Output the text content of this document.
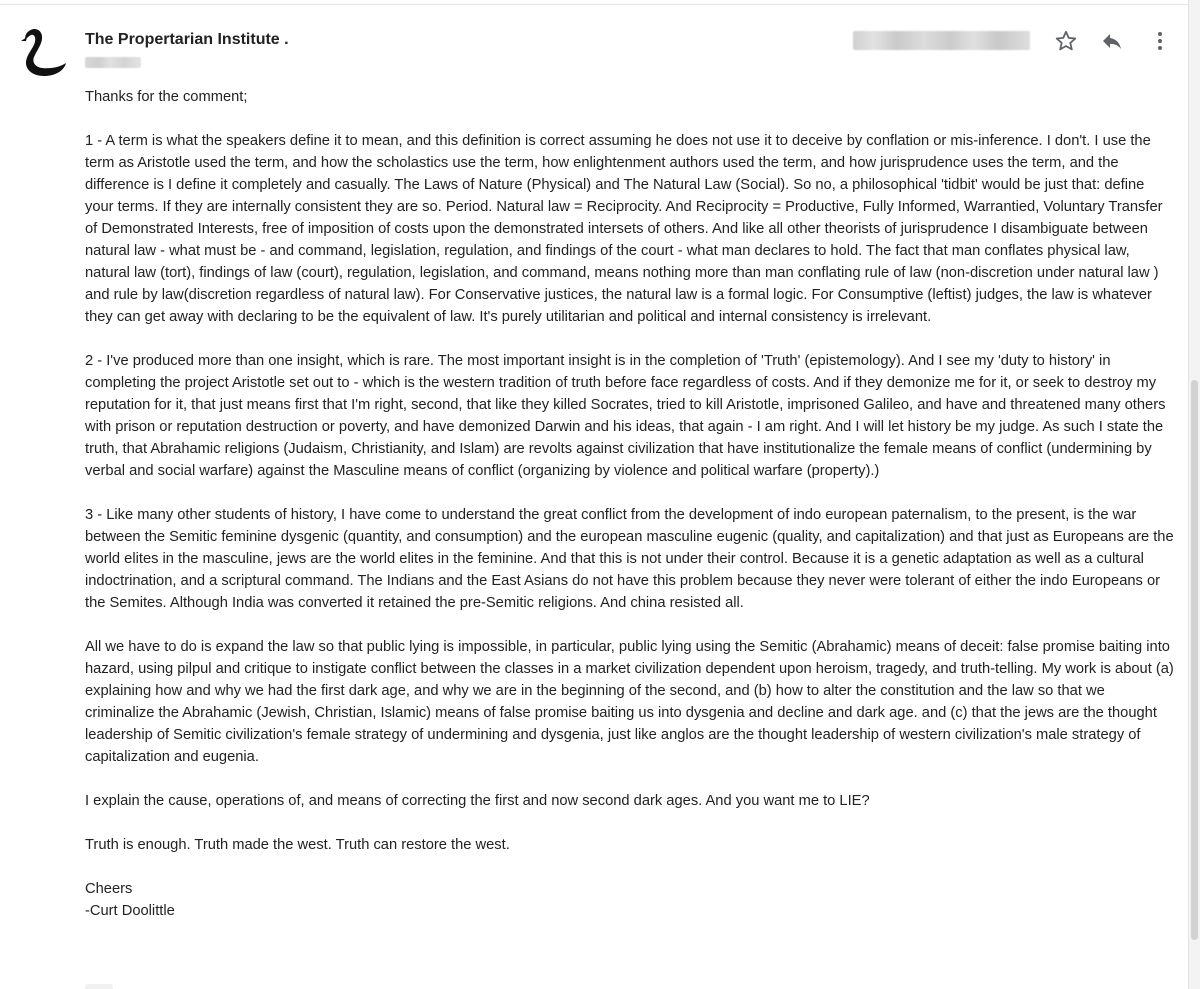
The Propertarian Institute .

Thanks for the comment;

1 - A term is what the speakers define it to mean, and this definition is correct assuming he does not use it to deceive by conflation or mis-inference. I don't. I use the term as Aristotle used the term, and how the scholastics use the term, how enlightenment authors used the term, and how jurisprudence uses the term, and the difference is I define it completely and casually. The Laws of Nature (Physical) and The Natural Law (Social). So no, a philosophical 'tidbit' would be just that: define your terms. If they are internally consistent they are so. Period. Natural law = Reciprocity. And Reciprocity = Productive, Fully Informed, Warrantied, Voluntary Transfer of Demonstrated Interests, free of imposition of costs upon the demonstrated intersets of others. And like all other theorists of jurisprudence I disambiguate between natural law - what must be - and command, legislation, regulation, and findings of the court - what man declares to hold. The fact that man conflates physical law, natural law (tort), findings of law (court), regulation, legislation, and command, means nothing more than man conflating rule of law (non-discretion under natural law ) and rule by law(discretion regardless of natural law). For Conservative justices, the natural law is a formal logic. For Consumptive (leftist) judges, the law is whatever they can get away with declaring to be the equivalent of law. It's purely utilitarian and political and internal consistency is irrelevant.

2 - I've produced more than one insight, which is rare. The most important insight is in the completion of 'Truth' (epistemology). And I see my 'duty to history' in completing the project Aristotle set out to - which is the western tradition of truth before face regardless of costs. And if they demonize me for it, or seek to destroy my reputation for it, that just means first that I'm right, second, that like they killed Socrates, tried to kill Aristotle, imprisoned Galileo, and have and threatened many others with prison or reputation destruction or poverty, and have demonized Darwin and his ideas, that again - I am right. And I will let history be my judge. As such I state the truth, that Abrahamic religions (Judaism, Christianity, and Islam) are revolts against civilization that have institutionalize the female means of conflict (undermining by verbal and social warfare) against the Masculine means of conflict (organizing by violence and political warfare (property).)

3 - Like many other students of history, I have come to understand the great conflict from the development of indo european paternalism, to the present, is the war between the Semitic feminine dysgenic (quantity, and consumption) and the european masculine eugenic (quality, and capitalization) and that just as Europeans are the world elites in the masculine, jews are the world elites in the feminine. And that this is not under their control. Because it is a genetic adaptation as well as a cultural indoctrination, and a scriptural command. The Indians and the East Asians do not have this problem because they never were tolerant of either the indo Europeans or the Semites. Although India was converted it retained the pre-Semitic religions. And china resisted all.

All we have to do is expand the law so that public lying is impossible, in particular, public lying using the Semitic (Abrahamic) means of deceit: false promise baiting into hazard, using pilpul and critique to instigate conflict between the classes in a market civilization dependent upon heroism, tragedy, and truth-telling. My work is about (a) explaining how and why we had the first dark age, and why we are in the beginning of the second, and (b) how to alter the constitution and the law so that we criminalize the Abrahamic (Jewish, Christian, Islamic) means of false promise baiting us into dysgenia and decline and dark age. and (c) that the jews are the thought leadership of Semitic civilization's female strategy of undermining and dysgenia, just like anglos are the thought leadership of western civilization's male strategy of capitalization and eugenia.

I explain the cause, operations of, and means of correcting the first and now second dark ages. And you want me to LIE?

Truth is enough. Truth made the west. Truth can restore the west.

Cheers

-Curt Doolittle
